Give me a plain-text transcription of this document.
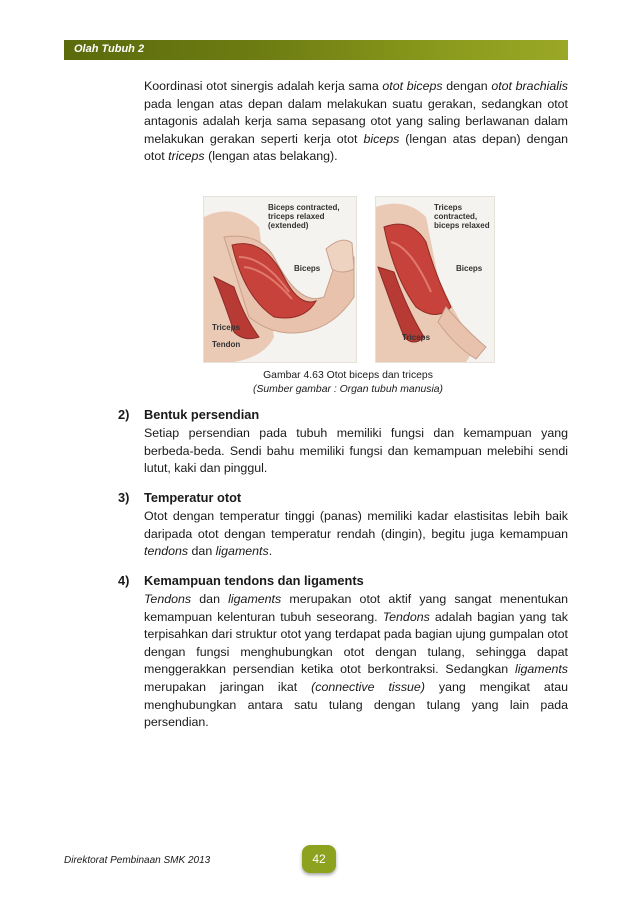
Olah Tubuh 2

Koordinasi otot sinergis adalah kerja sama otot biceps dengan otot brachialis pada lengan atas depan dalam melakukan suatu gerakan, sedangkan otot antagonis adalah kerja sama sepasang otot yang saling berlawanan dalam melakukan gerakan seperti kerja otot biceps (lengan atas depan) dengan otot triceps (lengan atas belakang).

Biceps contracted,
triceps relaxed
(extended)
Biceps
Triceps
Tendon
Triceps
contracted,
biceps relaxed
Biceps
Triceps
Gambar 4.63 Otot biceps dan triceps
(Sumber gambar : Organ tubuh manusia)
2) Bentuk persendian

Setiap persendian pada tubuh memiliki fungsi dan kemampuan yang berbeda-beda. Sendi bahu memiliki fungsi dan kemampuan melebihi sendi lutut, kaki dan pinggul.

3) Temperatur otot

Otot dengan temperatur tinggi (panas) memiliki kadar elastisitas lebih baik daripada otot dengan temperatur rendah (dingin), begitu juga kemampuan tendons dan ligaments.

4) Kemampuan tendons dan ligaments

Tendons dan ligaments merupakan otot aktif yang sangat menentukan kemampuan kelenturan tubuh seseorang. Tendons adalah bagian yang tak terpisahkan dari struktur otot yang terdapat pada bagian ujung gumpalan otot dengan fungsi menghubungkan otot dengan tulang, sehingga dapat menggerakkan persendian ketika otot berkontraksi. Sedangkan ligaments merupakan jaringan ikat (connective tissue) yang mengikat atau menghubungkan antara satu tulang dengan tulang yang lain pada persendian.

Direktorat Pembinaan SMK 2013	42
